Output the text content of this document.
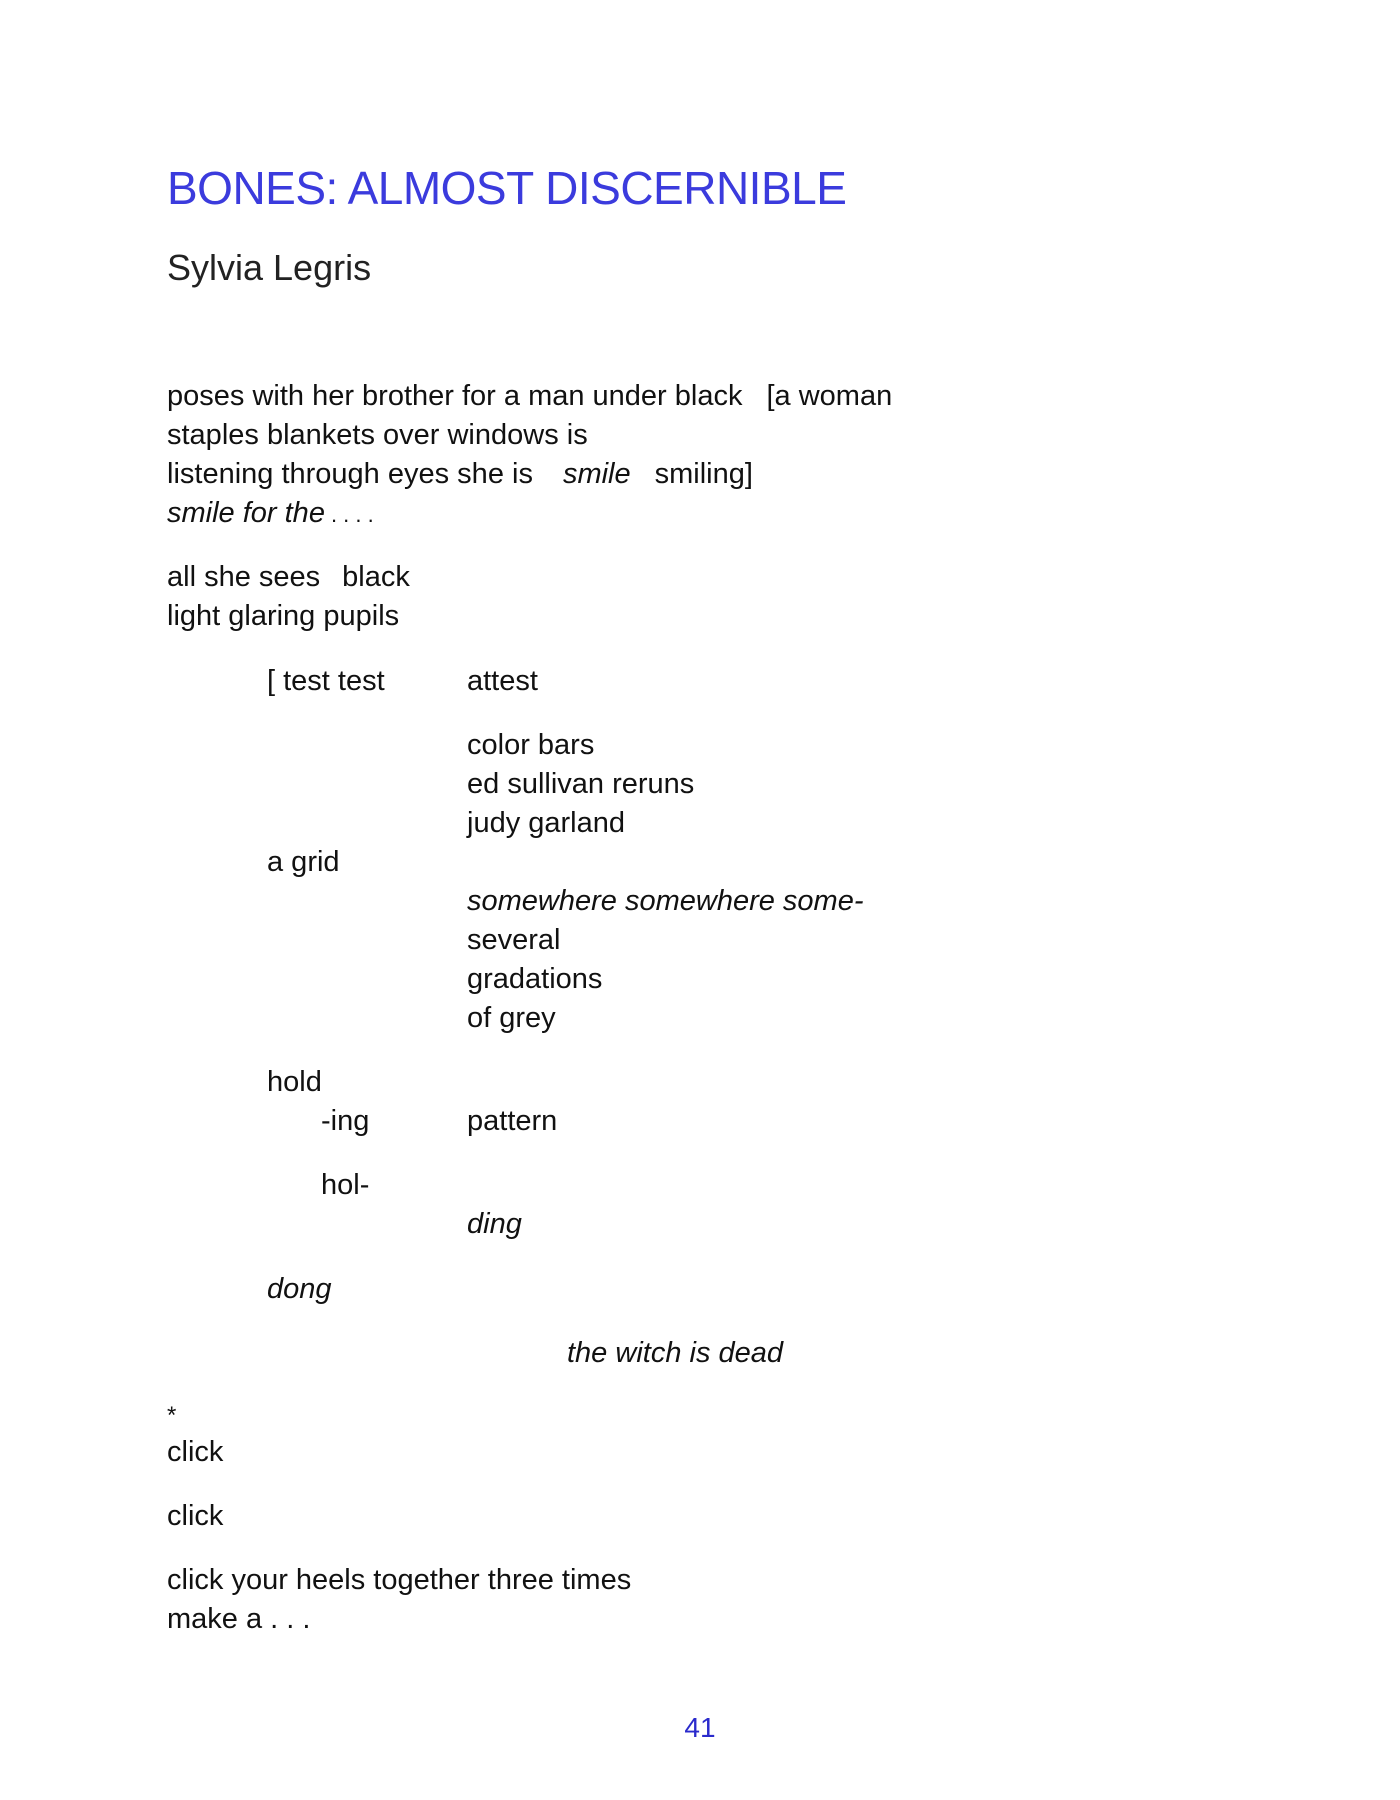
BONES: ALMOST DISCERNIBLE
Sylvia Legris
poses with her brother for a man under black [a woman
staples blankets over windows is
listening through eyes she is smile smiling]
smile for the . . . .
all she sees black
light glaring pupils
[ test test	attest
color bars
ed sullivan reruns
judy garland
a grid
somewhere somewhere some-
several
gradations
of grey
hold
-ing	pattern
hol-
ding
dong
the witch is dead
*
click
click
click your heels together three times
make a . . .
41
